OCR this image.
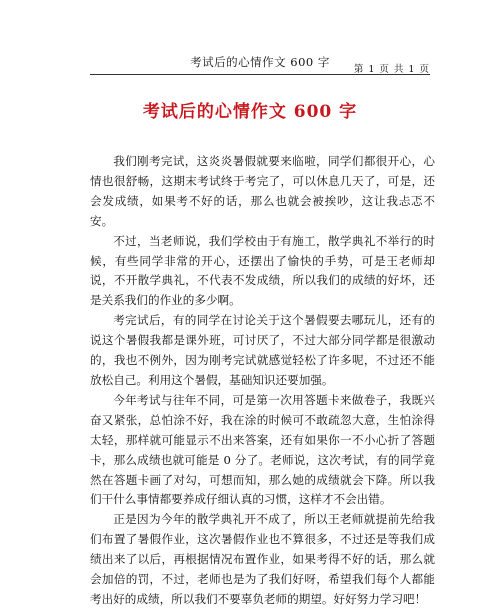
考试后的心情作文 600 字
第 1 页 共 1 页
考试后的心情作文 600 字

我们刚考完试，这炎炎暑假就要来临啦，同学们都很开心，心情也很舒畅，这期末考试终于考完了，可以休息几天了，可是，还会发成绩，如果考不好的话，那么也就会被挨吵，这让我忐忑不安。

不过，当老师说，我们学校由于有施工，散学典礼不举行的时候，有些同学非常的开心，还摆出了愉快的手势，可是王老师却说，不开散学典礼，不代表不发成绩，所以我们的成绩的好坏，还是关系我们的作业的多少啊。

考完试后，有的同学在讨论关于这个暑假要去哪玩儿，还有的说这个暑假我都是课外班，可讨厌了，不过大部分同学都是很激动的，我也不例外，因为刚考完试就感觉轻松了许多呢，不过还不能放松自己。利用这个暑假，基础知识还要加强。

今年考试与往年不同，可是第一次用答题卡来做卷子，我既兴奋又紧张，总怕涂不好，我在涂的时候可不敢疏忽大意，生怕涂得太轻，那样就可能显示不出来答案，还有如果你一不小心折了答题卡，那么成绩也就可能是 0 分了。老师说，这次考试，有的同学竟然在答题卡画了对勾，可想而知，那么她的成绩就会下降。所以我们干什么事情都要养成仔细认真的习惯，这样才不会出错。

正是因为今年的散学典礼开不成了，所以王老师就提前先给我们布置了暑假作业，这次暑假作业也不算很多，不过还是等我们成绩出来了以后，再根据情况布置作业，如果考得不好的话，那么就会加倍的罚，不过，老师也是为了我们好呀，希望我们每个人都能考出好的成绩，所以我们不要辜负老师的期望。好好努力学习吧！
